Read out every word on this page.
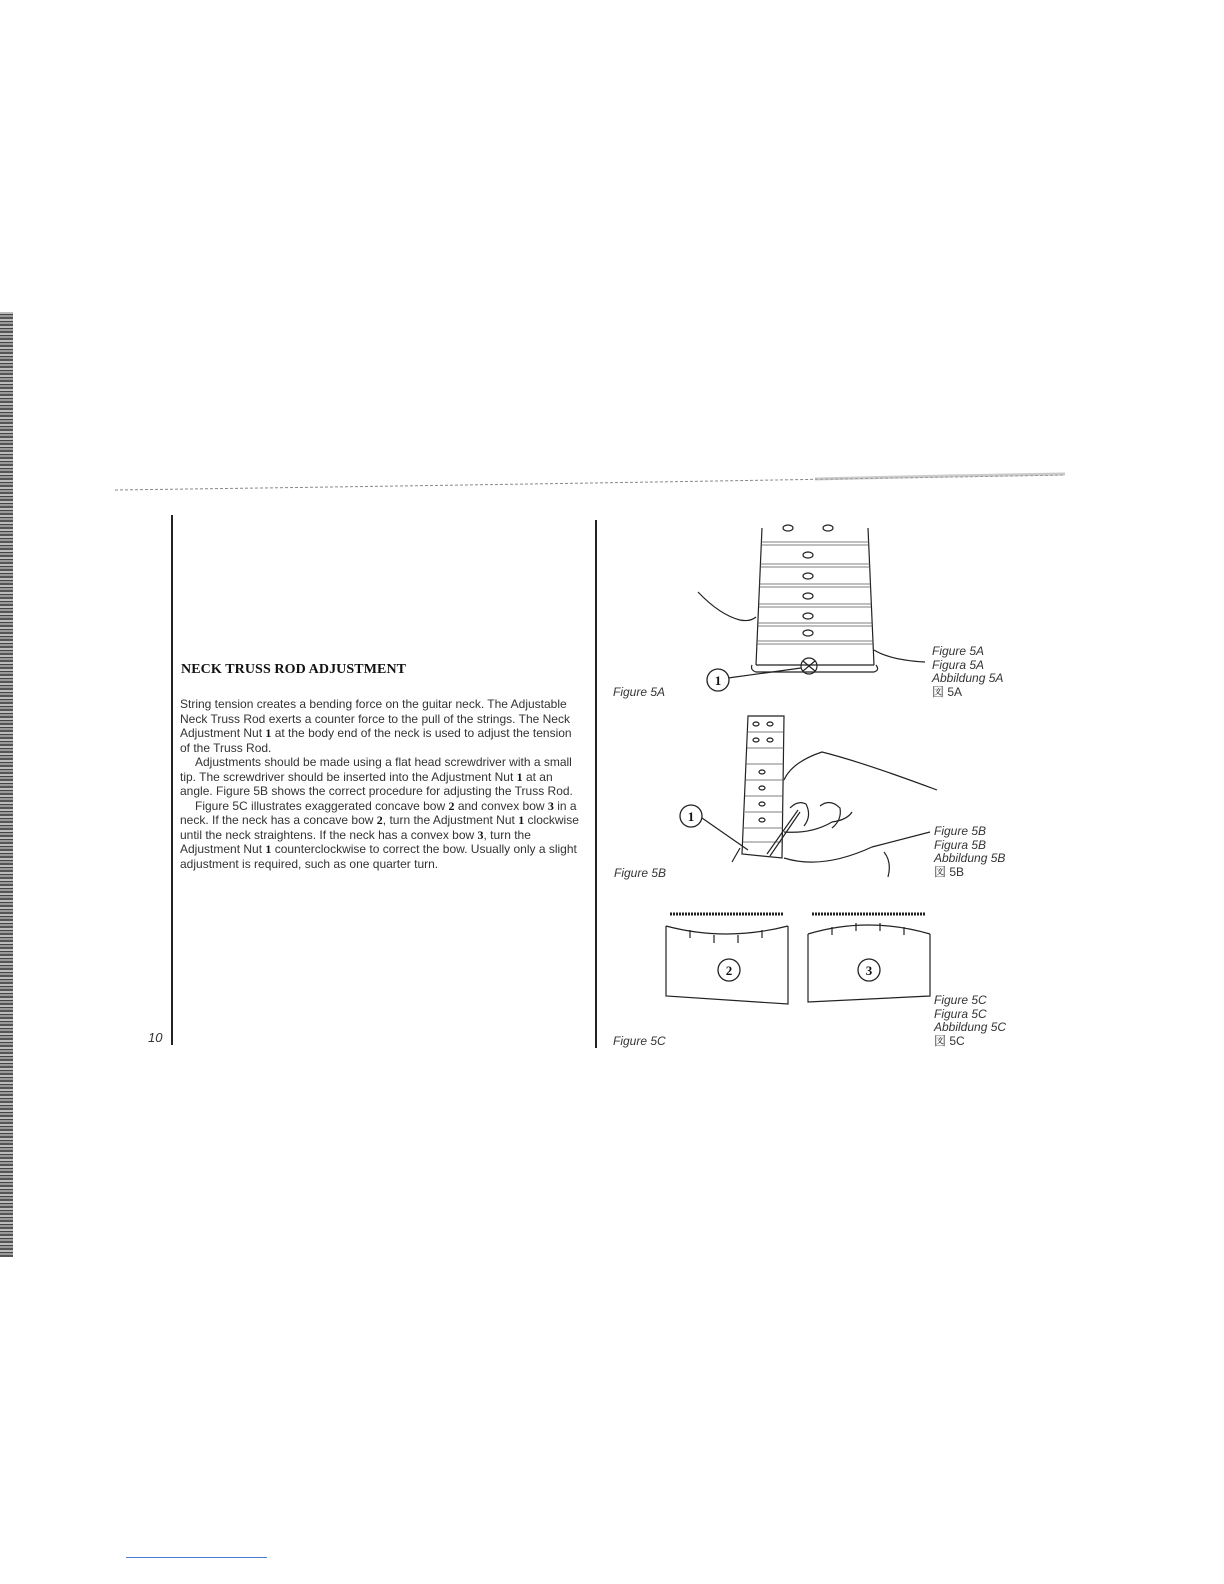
10
NECK TRUSS ROD ADJUSTMENT

String tension creates a bending force on the guitar neck. The Adjustable Neck Truss Rod exerts a counter force to the pull of the strings. The Neck Adjustment Nut 1 at the body end of the neck is used to adjust the tension of the Truss Rod.

Adjustments should be made using a flat head screwdriver with a small tip. The screwdriver should be inserted into the Adjustment Nut 1 at an angle. Figure 5B shows the correct procedure for adjusting the Truss Rod.

Figure 5C illustrates exaggerated concave bow 2 and convex bow 3 in a neck. If the neck has a concave bow 2, turn the Adjustment Nut 1 clockwise until the neck straightens. If the neck has a convex bow 3, turn the Adjustment Nut 1 counterclockwise to correct the bow. Usually only a slight adjustment is required, such as one quarter turn.

1
Figure 5A
Figure 5A
Figura 5A
Abbildung 5A
図 5A
1
Figure 5B
Figure 5B
Figura 5B
Abbildung 5B
図 5B
2	3
Figure 5C
Figure 5C
Figura 5C
Abbildung 5C
図 5C
